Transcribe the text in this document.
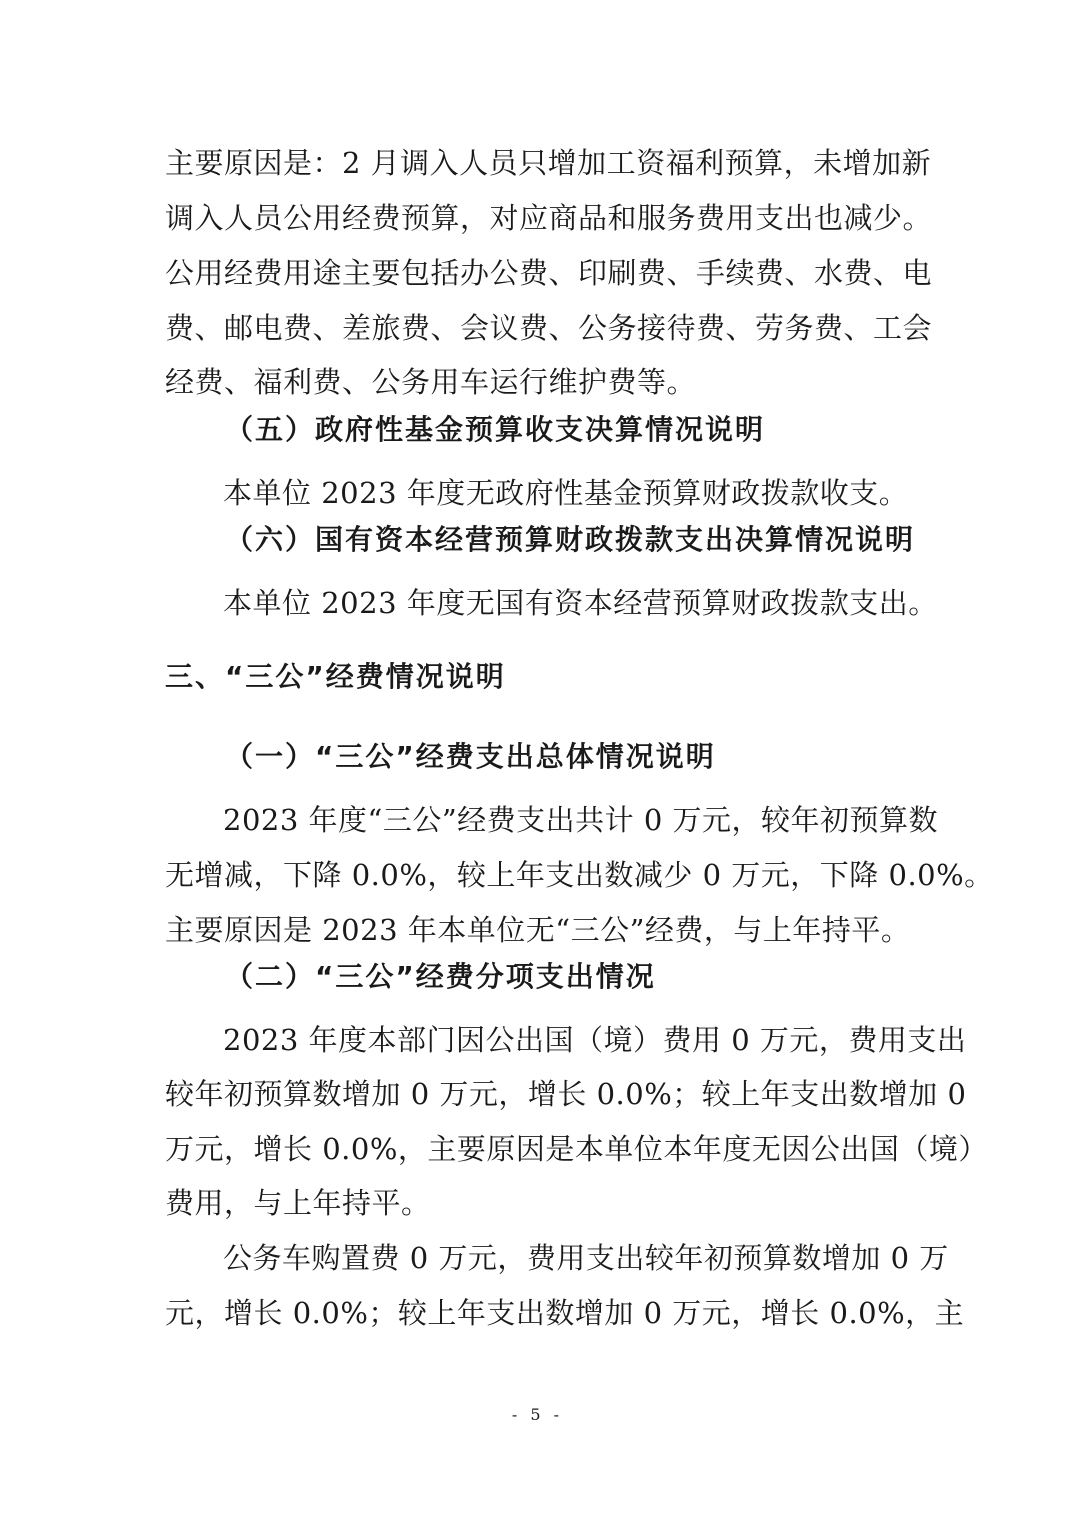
主要原因是：2 月调入人员只增加工资福利预算，未增加新
调入人员公用经费预算，对应商品和服务费用支出也减少。
公用经费用途主要包括办公费、印刷费、手续费、水费、电
费、邮电费、差旅费、会议费、公务接待费、劳务费、工会
经费、福利费、公务用车运行维护费等。
（五）政府性基金预算收支决算情况说明
本单位 2023 年度无政府性基金预算财政拨款收支。
（六）国有资本经营预算财政拨款支出决算情况说明
本单位 2023 年度无国有资本经营预算财政拨款支出。
三、“三公”经费情况说明
（一）“三公”经费支出总体情况说明
2023 年度“三公”经费支出共计 0 万元，较年初预算数
无增减，下降 0.0%，较上年支出数减少 0 万元，下降 0.0%。
主要原因是 2023 年本单位无“三公”经费，与上年持平。
（二）“三公”经费分项支出情况
2023 年度本部门因公出国（境）费用 0 万元，费用支出
较年初预算数增加 0 万元，增长 0.0%；较上年支出数增加 0
万元，增长 0.0%，主要原因是本单位本年度无因公出国（境）
费用，与上年持平。
公务车购置费 0 万元，费用支出较年初预算数增加 0 万
元，增长 0.0%；较上年支出数增加 0 万元，增长 0.0%，主
- 5 -
